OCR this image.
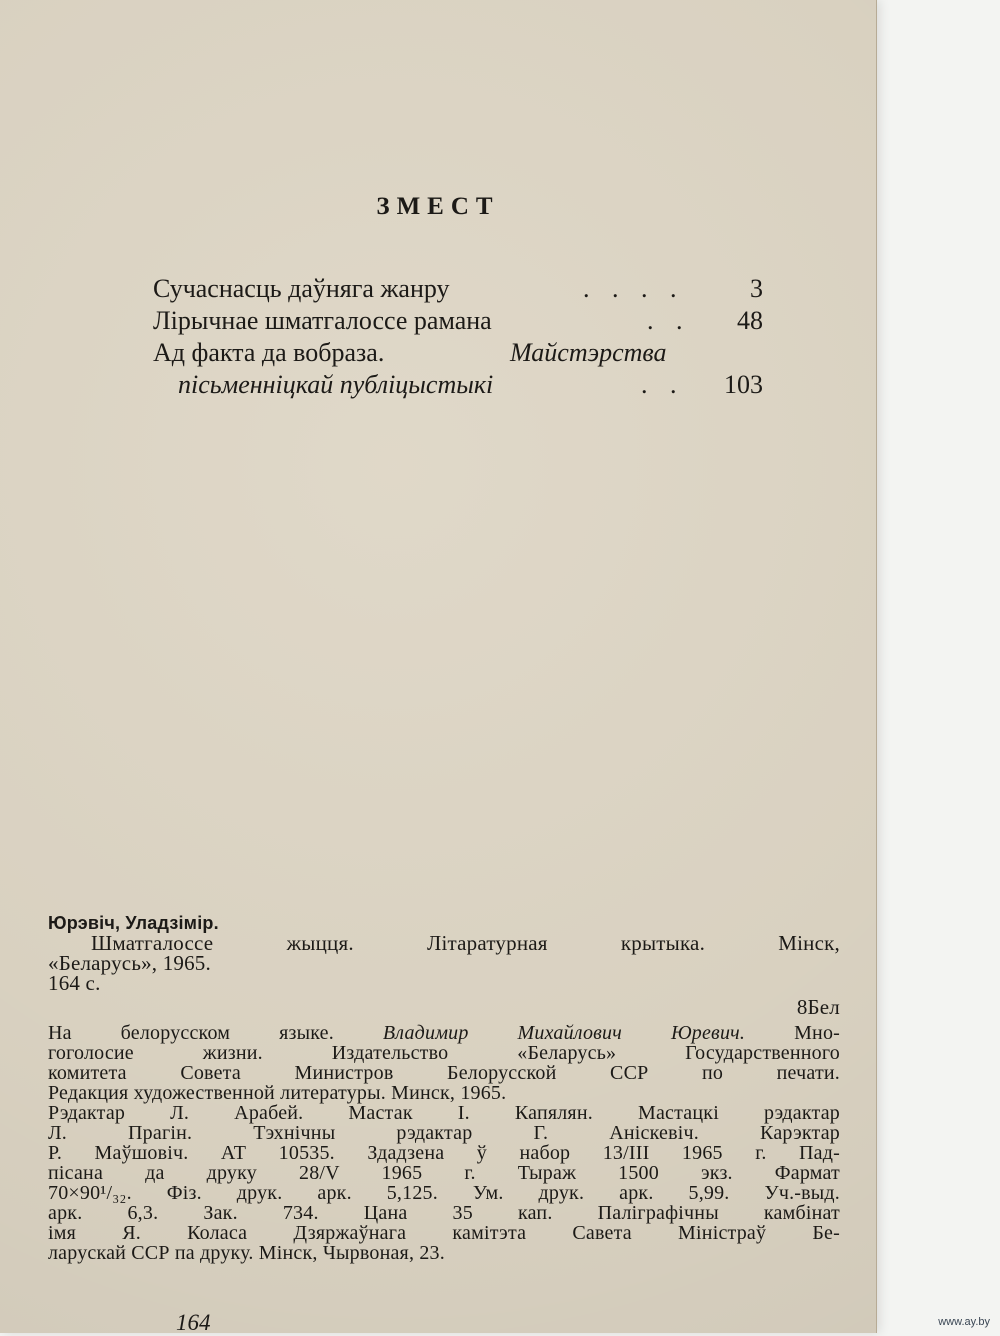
ЗМЕСТ
Сучаснасць даўняга жанру	. . . .	3
Лірычнае шматгалоссе рамана	. . 48
Ад факта да вобраза.	Майстэрства
пісьменніцкай публіцыстыкі	. . 103
Юрэвіч, Уладзімір.
Шматгалоссе жыцця. Літаратурная крытыка. Мінск,
«Беларусь», 1965.
164 с.
8Бел
На белорусском языке. Владимир Михайлович Юревич. Мно-
гоголосие жизни. Издательство «Беларусь» Государственного
комитета Совета Министров Белорусской ССР по печати.
Редакция художественной литературы. Минск, 1965.
Рэдактар Л. Арабей. Мастак І. Капялян. Мастацкі рэдактар
Л. Прагін. Тэхнічны рэдактар Г. Аніскевіч. Карэктар
Р. Маўшовіч. АТ 10535. Здадзена ў набор 13/III 1965 г. Пад-
пісана да друку 28/V 1965 г. Тыраж 1500 экз. Фармат
70×90¹/₃₂. Фіз. друк. арк. 5,125. Ум. друк. арк. 5,99. Уч.-выд.
арк. 6,3. Зак. 734. Цана 35 кап. Паліграфічны камбінат
імя Я. Коласа Дзяржаўнага камітэта Савета Міністраў Бе-
ларускай ССР па друку. Мінск, Чырвоная, 23.
164	www.ay.by
